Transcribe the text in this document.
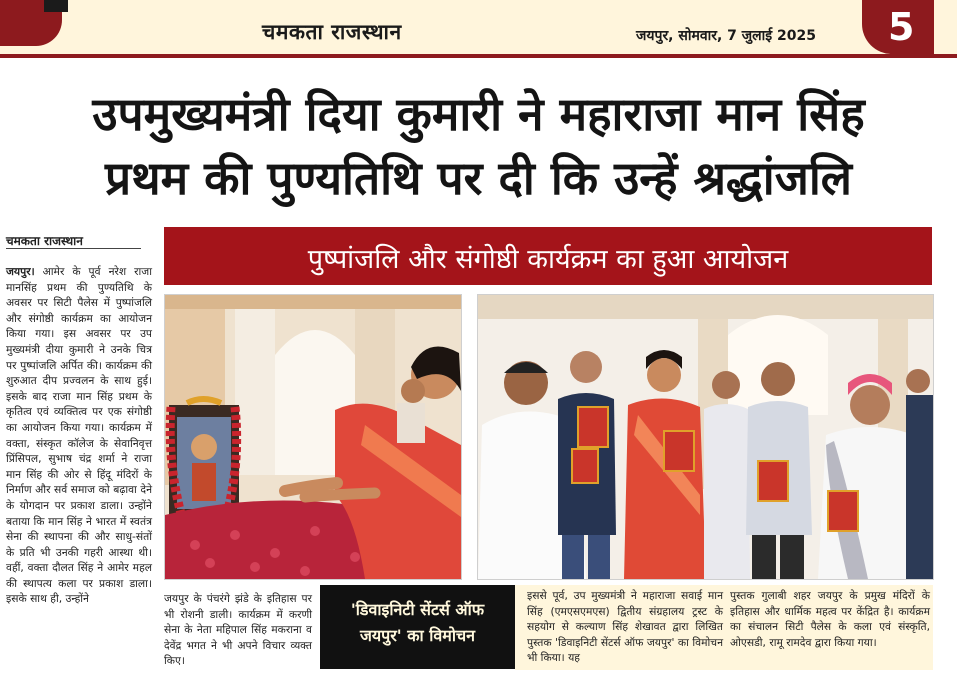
चमकता राजस्थान	जयपुर, सोमवार, 7 जुलाई 2025 5
उपमुख्यमंत्री दिया कुमारी ने महाराजा मान सिंह
प्रथम की पुण्यतिथि पर दी कि उन्हें श्रद्धांजलि
पुष्पांजलि और संगोष्ठी कार्यक्रम का हुआ आयोजन
चमकता राजस्थान
जयपुर। आमेर के पूर्व नरेश राजा मानसिंह प्रथम की पुण्यतिथि के अवसर पर सिटी पैलेस में पुष्पांजलि और संगोष्ठी कार्यक्रम का आयोजन किया गया। इस अवसर पर उप मुख्यमंत्री दीया कुमारी ने उनके चित्र पर पुष्पांजलि अर्पित की। कार्यक्रम की शुरुआत दीप प्रज्वलन के साथ हुई। इसके बाद राजा मान सिंह प्रथम के कृतित्व एवं व्यक्तित्व पर एक संगोष्ठी का आयोजन किया गया। कार्यक्रम में वक्ता, संस्कृत कॉलेज के सेवानिवृत्त प्रिंसिपल, सुभाष चंद्र शर्मा ने राजा मान सिंह की ओर से हिंदू मंदिरों के निर्माण और सर्व समाज को बढ़ावा देने के योगदान पर प्रकाश डाला। उन्होंने बताया कि मान सिंह ने भारत में स्वतंत्र सेना की स्थापना की और साधु-संतों के प्रति भी उनकी गहरी आस्था थी। वहीं, वक्ता दौलत सिंह ने आमेर महल की स्थापत्य कला पर प्रकाश डाला। इसके साथ ही, उन्होंने	जयपुर के पंचरंगे झंडे के इतिहास पर भी रोशनी डाली। कार्यक्रम में करणी सेना के नेता महिपाल सिंह मकराना व देवेंद्र भगत ने भी अपने विचार व्यक्त किए।
'डिवाइनिटी सेंटर्स ऑफ
जयपुर' का विमोचन
इससे पूर्व, उप मुख्यमंत्री ने महाराजा सवाई मान सिंह (एमएसएमएस) द्वितीय संग्रहालय ट्रस्ट के सहयोग से कल्याण सिंह शेखावत द्वारा लिखित पुस्तक 'डिवाइनिटी सेंटर्स ऑफ जयपुर' का विमोचन भी किया। यह
पुस्तक गुलाबी शहर जयपुर के प्रमुख मंदिरों के इतिहास और धार्मिक महत्व पर केंद्रित है। कार्यक्रम का संचालन सिटी पैलेस के कला एवं संस्कृति, ओएसडी, रामू रामदेव द्वारा किया गया।
